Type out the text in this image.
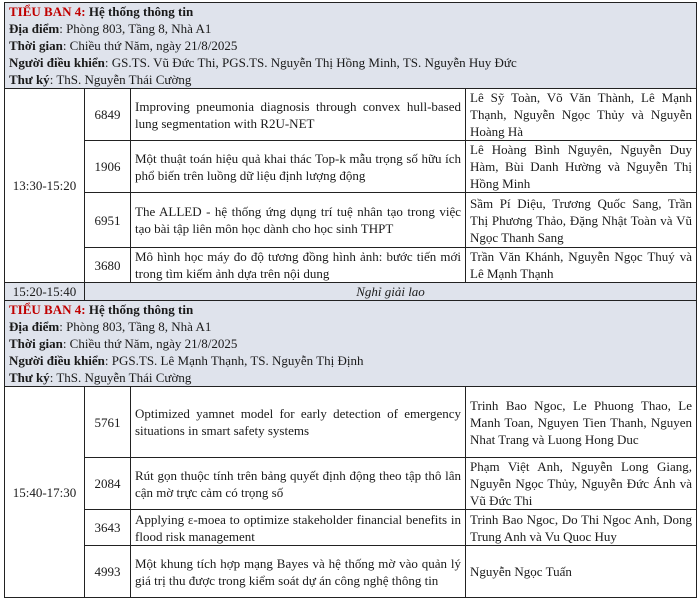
TIỂU BAN 4: Hệ thống thông tin
Địa điểm: Phòng 803, Tầng 8, Nhà A1
Thời gian: Chiều thứ Năm, ngày 21/8/2025
Người điều khiển: GS.TS. Vũ Đức Thi, PGS.TS. Nguyễn Thị Hồng Minh, TS. Nguyễn Huy Đức
Thư ký: ThS. Nguyễn Thái Cường			

13:30-15:20	6849	Improving pneumonia diagnosis through convex hull-based lung segmentation with R2U-NET	Lê Sỹ Toàn, Võ Văn Thành, Lê Mạnh Thạnh, Nguyễn Ngọc Thủy và Nguyễn Hoàng Hà
	1906	Một thuật toán hiệu quả khai thác Top-k mẫu trọng số hữu ích phổ biến trên luồng dữ liệu định lượng động	Lê Hoàng Bình Nguyên, Nguyễn Duy Hàm, Bùi Danh Hường và Nguyễn Thị Hồng Minh
	6951	The ALLED - hệ thống ứng dụng trí tuệ nhân tạo trong việc tạo bài tập liên môn học dành cho học sinh THPT	Sầm Pí Diệu, Trương Quốc Sang, Trần Thị Phương Thảo, Đặng Nhật Toàn và Vũ Ngọc Thanh Sang
	3680	Mô hình học máy đo độ tương đồng hình ảnh: bước tiến mới trong tìm kiếm ảnh dựa trên nội dung	Trần Văn Khánh, Nguyễn Ngọc Thuý và Lê Mạnh Thạnh
15:20-15:40	Nghỉ giải lao		

TIỂU BAN 4: Hệ thống thông tin
Địa điểm: Phòng 803, Tầng 8, Nhà A1
Thời gian: Chiều thứ Năm, ngày 21/8/2025
Người điều khiển: PGS.TS. Lê Mạnh Thạnh, TS. Nguyễn Thị Định
Thư ký: ThS. Nguyễn Thái Cường			

15:40-17:30	5761	Optimized yamnet model for early detection of emergency situations in smart safety systems	Trinh Bao Ngoc, Le Phuong Thao, Le Manh Toan, Nguyen Tien Thanh, Nguyen Nhat Trang và Luong Hong Duc
	2084	Rút gọn thuộc tính trên bảng quyết định động theo tập thô lân cận mờ trực cảm có trọng số	Phạm Việt Anh, Nguyễn Long Giang, Nguyễn Ngọc Thủy, Nguyễn Đức Ánh và Vũ Đức Thi
	3643	Applying ε-moea to optimize stakeholder financial benefits in flood risk management	Trinh Bao Ngoc, Do Thi Ngoc Anh, Dong Trung Anh và Vu Quoc Huy
	4993	Một khung tích hợp mạng Bayes và hệ thống mờ vào quản lý giá trị thu được trong kiểm soát dự án công nghệ thông tin	Nguyễn Ngọc Tuấn
